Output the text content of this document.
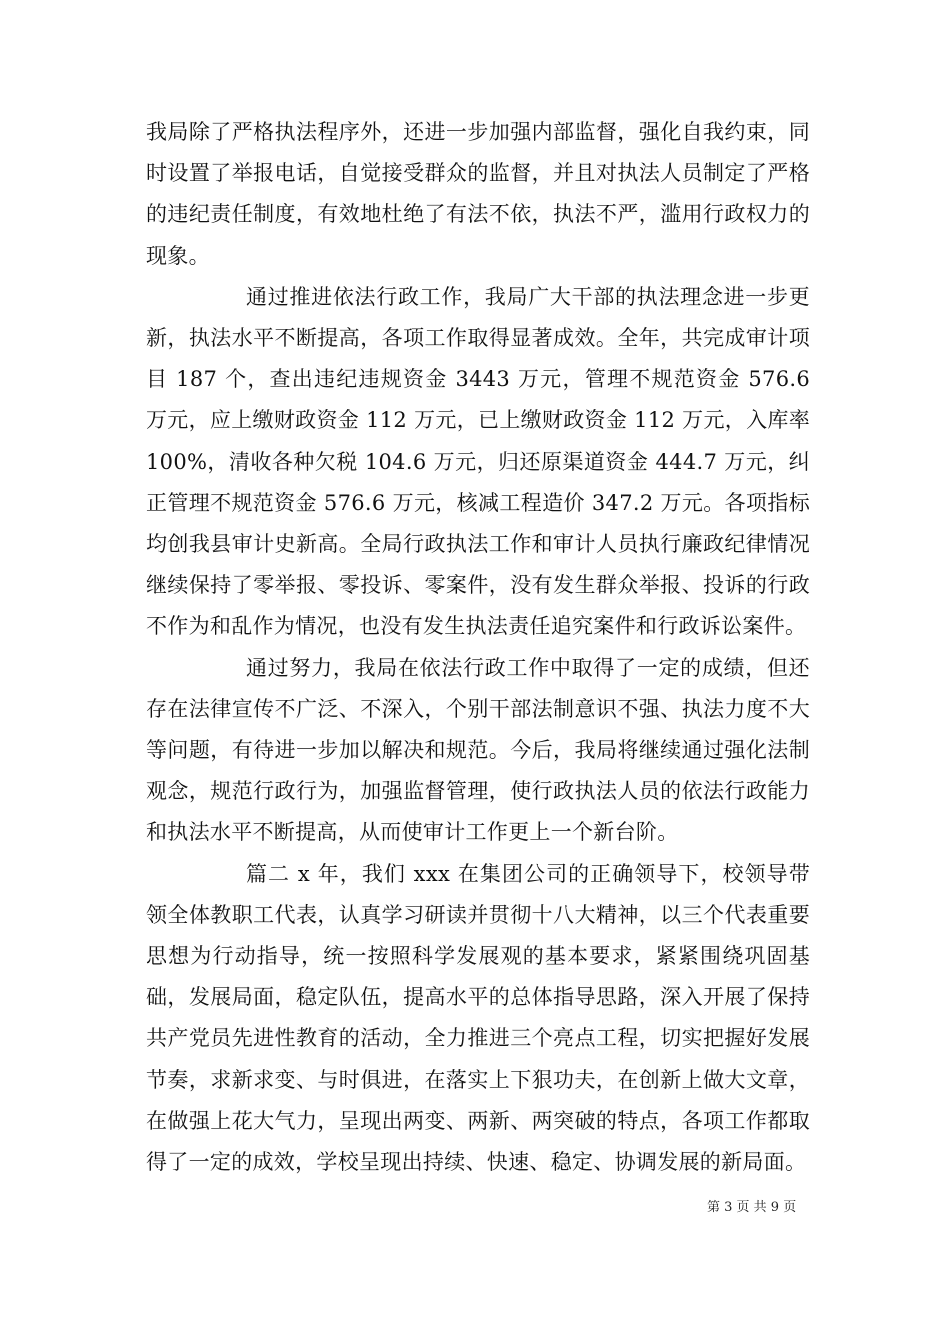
我局除了严格执法程序外，还进一步加强内部监督，强化自我约束，同时设置了举报电话，自觉接受群众的监督，并且对执法人员制定了严格的违纪责任制度，有效地杜绝了有法不依，执法不严，滥用行政权力的现象。

通过推进依法行政工作，我局广大干部的执法理念进一步更新，执法水平不断提高，各项工作取得显著成效。全年，共完成审计项目 187 个，查出违纪违规资金 3443 万元，管理不规范资金 576.6 万元，应上缴财政资金 112 万元，已上缴财政资金 112 万元，入库率 100%，清收各种欠税 104.6 万元，归还原渠道资金 444.7 万元，纠正管理不规范资金 576.6 万元，核减工程造价 347.2 万元。各项指标均创我县审计史新高。全局行政执法工作和审计人员执行廉政纪律情况继续保持了零举报、零投诉、零案件，没有发生群众举报、投诉的行政不作为和乱作为情况，也没有发生执法责任追究案件和行政诉讼案件。

通过努力，我局在依法行政工作中取得了一定的成绩，但还存在法律宣传不广泛、不深入，个别干部法制意识不强、执法力度不大等问题，有待进一步加以解决和规范。今后，我局将继续通过强化法制观念，规范行政行为，加强监督管理，使行政执法人员的依法行政能力和执法水平不断提高，从而使审计工作更上一个新台阶。

篇二 x 年，我们 xxx 在集团公司的正确领导下，校领导带领全体教职工代表，认真学习研读并贯彻十八大精神，以三个代表重要思想为行动指导，统一按照科学发展观的基本要求，紧紧围绕巩固基础，发展局面，稳定队伍，提高水平的总体指导思路，深入开展了保持共产党员先进性教育的活动，全力推进三个亮点工程，切实把握好发展节奏，求新求变、与时俱进，在落实上下狠功夫，在创新上做大文章，在做强上花大气力，呈现出两变、两新、两突破的特点，各项工作都取得了一定的成效，学校呈现出持续、快速、稳定、协调发展的新局面。

第 3 页 共 9 页
